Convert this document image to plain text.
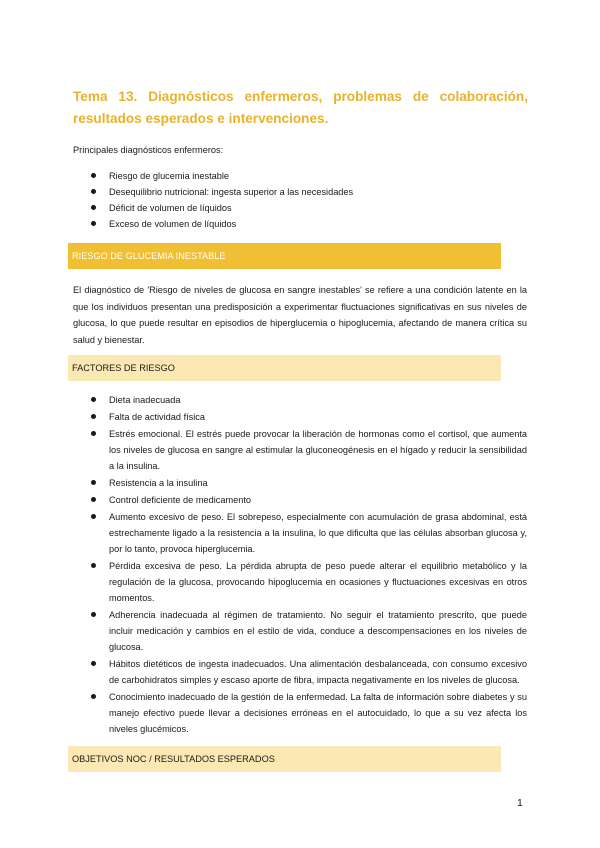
Tema 13. Diagnósticos enfermeros, problemas de colaboración, resultados esperados e intervenciones.

Principales diagnósticos enfermeros:

Riesgo de glucemia inestable
Desequilibrio nutricional: ingesta superior a las necesidades
Déficit de volumen de líquidos
Exceso de volumen de líquidos
RIESGO DE GLUCEMIA INESTABLE

El diagnóstico de 'Riesgo de niveles de glucosa en sangre inestables' se refiere a una condición latente en la que los individuos presentan una predisposición a experimentar fluctuaciones significativas en sus niveles de glucosa, lo que puede resultar en episodios de hiperglucemia o hipoglucemia, afectando de manera crítica su salud y bienestar.

FACTORES DE RIESGO
Dieta inadecuada
Falta de actividad física
Estrés emocional. El estrés puede provocar la liberación de hormonas como el cortisol, que aumenta los niveles de glucosa en sangre al estimular la gluconeogénesis en el hígado y reducir la sensibilidad a la insulina.
Resistencia a la insulina
Control deficiente de medicamento
Aumento excesivo de peso. El sobrepeso, especialmente con acumulación de grasa abdominal, está estrechamente ligado a la resistencia a la insulina, lo que dificulta que las células absorban glucosa y, por lo tanto, provoca hiperglucemia.
Pérdida excesiva de peso. La pérdida abrupta de peso puede alterar el equilibrio metabólico y la regulación de la glucosa, provocando hipoglucemia en ocasiones y fluctuaciones excesivas en otros momentos.
Adherencia inadecuada al régimen de tratamiento. No seguir el tratamiento prescrito, que puede incluir medicación y cambios en el estilo de vida, conduce a descompensaciones en los niveles de glucosa.
Hábitos dietéticos de ingesta inadecuados. Una alimentación desbalanceada, con consumo excesivo de carbohidratos simples y escaso aporte de fibra, impacta negativamente en los niveles de glucosa.
Conocimiento inadecuado de la gestión de la enfermedad. La falta de información sobre diabetes y su manejo efectivo puede llevar a decisiones erróneas en el autocuidado, lo que a su vez afecta los niveles glucémicos.
OBJETIVOS NOC / RESULTADOS ESPERADOS
1
